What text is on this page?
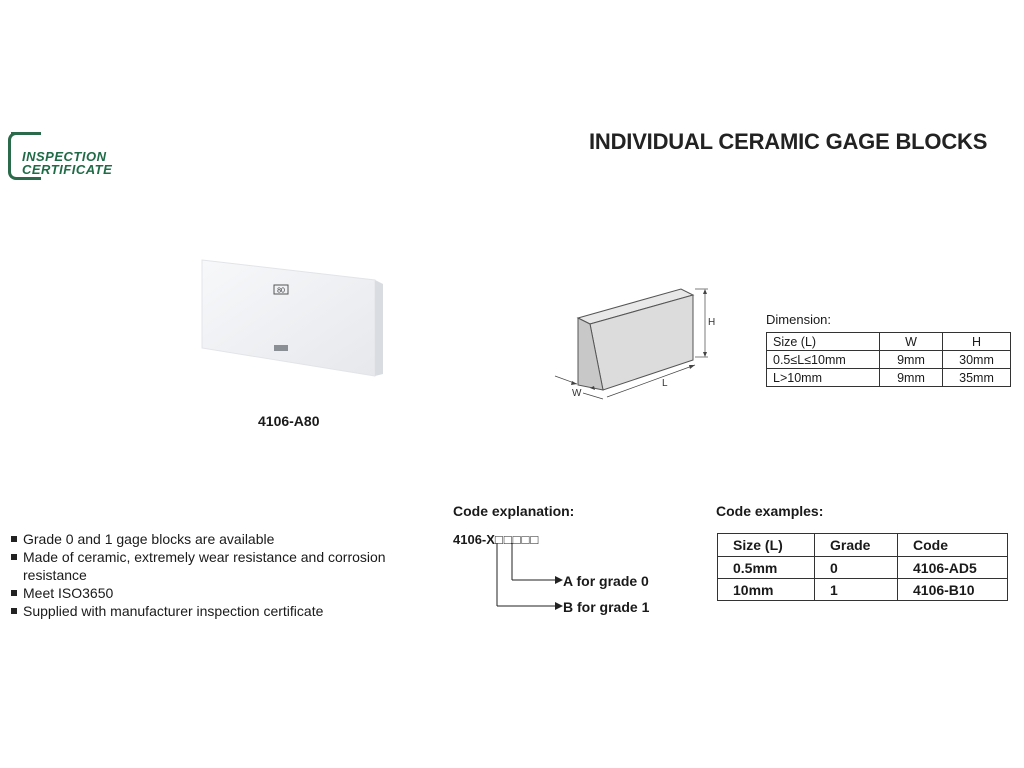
INSPECTION
CERTIFICATE
INDIVIDUAL CERAMIC GAGE BLOCKS
80
4106-A80
H
W
L
Dimension:
Size (L)	W	H
0.5≤L≤10mm	9mm	30mm
L>10mm	9mm	35mm
Grade 0 and 1 gage blocks are available
Made of ceramic, extremely wear resistance and corrosion resistance
Meet ISO3650
Supplied with manufacturer inspection certificate
Code explanation:
4106-X□□□□□
A for grade 0
B for grade 1
Code examples:
Size (L)	Grade	Code
0.5mm	0	4106-AD5
10mm	1	4106-B10
